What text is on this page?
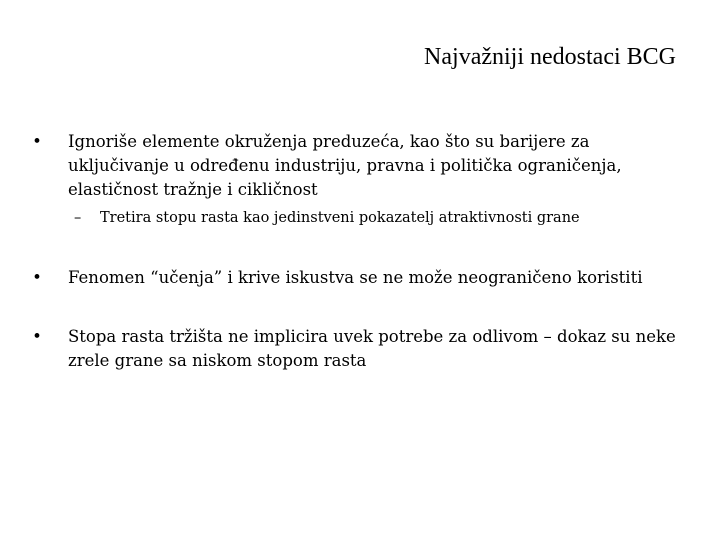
Najvažniji nedostaci BCG
• Ignoriše elemente okruženja preduzeća, kao što su barijere za uključivanje u određenu industriju, pravna i politička ograničenja, elastičnost tražnje i cikličnost
– Tretira stopu rasta kao jedinstveni pokazatelj atraktivnosti grane
• Fenomen “učenja” i krive iskustva se ne može neograničeno koristiti
• Stopa rasta tržišta ne implicira uvek potrebe za odlivom – dokaz su neke zrele grane sa niskom stopom rasta
